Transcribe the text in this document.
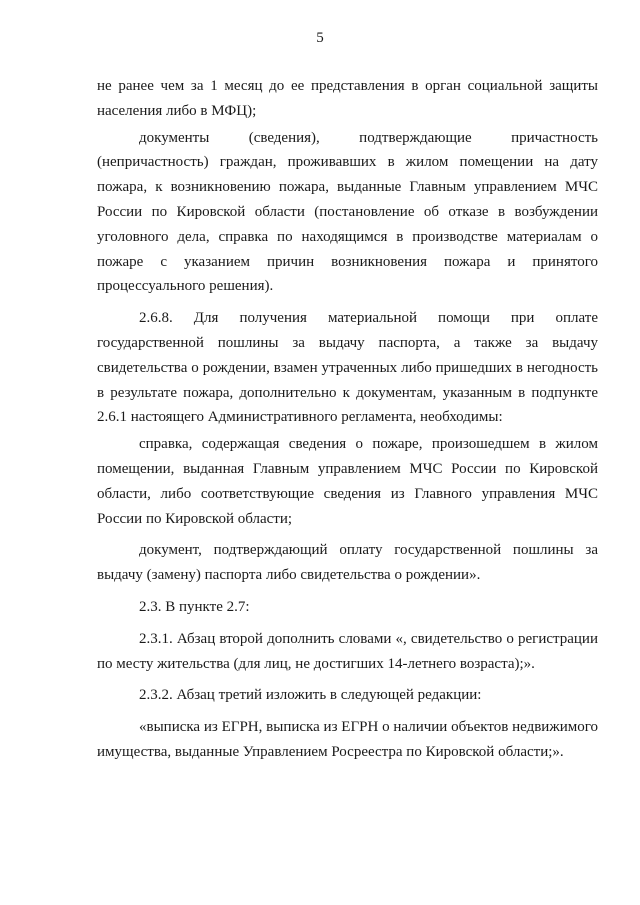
5

не ранее чем за 1 месяц до ее представления в орган социальной защиты населения либо в МФЦ);

документы (сведения), подтверждающие причастность (непричастность) граждан, проживавших в жилом помещении на дату пожара, к возникновению пожара, выданные Главным управлением МЧС России по Кировской области (постановление об отказе в возбуждении уголовного дела, справка по находящимся в производстве материалам о пожаре с указанием причин возникновения пожара и принятого процессуального решения).

2.6.8. Для получения материальной помощи при оплате государственной пошлины за выдачу паспорта, а также за выдачу свидетельства о рождении, взамен утраченных либо пришедших в негодность в результате пожара, дополнительно к документам, указанным в подпункте 2.6.1 настоящего Административного регламента, необходимы:

справка, содержащая сведения о пожаре, произошедшем в жилом помещении, выданная Главным управлением МЧС России по Кировской области, либо соответствующие сведения из Главного управления МЧС России по Кировской области;

документ, подтверждающий оплату государственной пошлины за выдачу (замену) паспорта либо свидетельства о рождении».

2.3. В пункте 2.7:

2.3.1. Абзац второй дополнить словами «, свидетельство о регистрации по месту жительства (для лиц, не достигших 14-летнего возраста);».

2.3.2. Абзац третий изложить в следующей редакции:

«выписка из ЕГРН, выписка из ЕГРН о наличии объектов недвижимого имущества, выданные Управлением Росреестра по Кировской области;».
